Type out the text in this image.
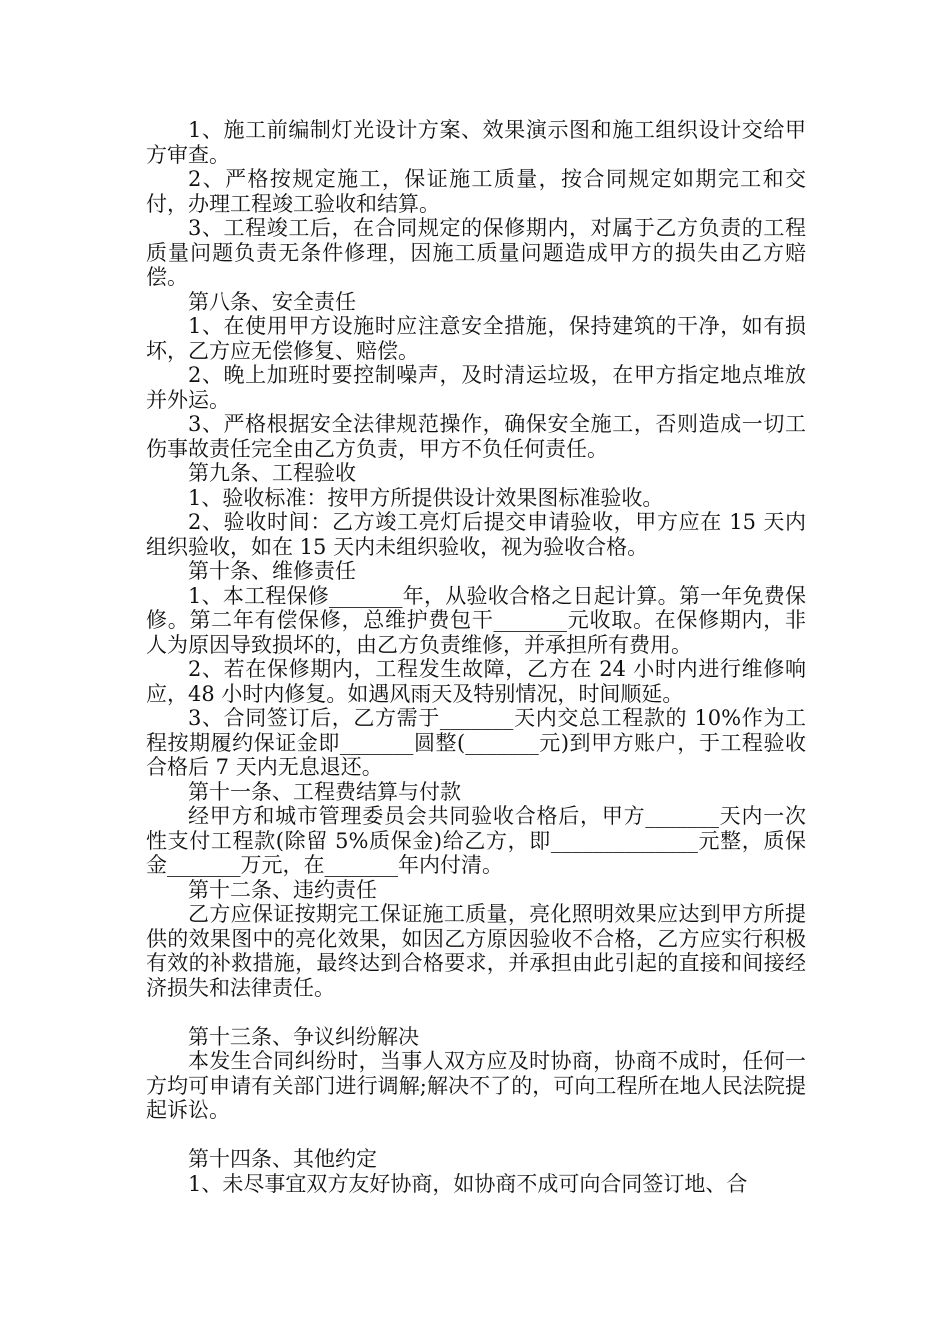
1、施工前编制灯光设计方案、效果演示图和施工组织设计交给甲方审查。

2、严格按规定施工，保证施工质量，按合同规定如期完工和交付，办理工程竣工验收和结算。

3、工程竣工后，在合同规定的保修期内，对属于乙方负责的工程质量问题负责无条件修理，因施工质量问题造成甲方的损失由乙方赔偿。

第八条、安全责任

1、在使用甲方设施时应注意安全措施，保持建筑的干净，如有损坏，乙方应无偿修复、赔偿。

2、晚上加班时要控制噪声，及时清运垃圾，在甲方指定地点堆放并外运。

3、严格根据安全法律规范操作，确保安全施工，否则造成一切工伤事故责任完全由乙方负责，甲方不负任何责任。

第九条、工程验收

1、验收标准：按甲方所提供设计效果图标准验收。

2、验收时间：乙方竣工亮灯后提交申请验收，甲方应在 15 天内组织验收，如在 15 天内未组织验收，视为验收合格。

第十条、维修责任

1、本工程保修_______年，从验收合格之日起计算。第一年免费保修。第二年有偿保修，总维护费包干_______元收取。在保修期内，非人为原因导致损坏的，由乙方负责维修，并承担所有费用。

2、若在保修期内，工程发生故障，乙方在 24 小时内进行维修响应，48 小时内修复。如遇风雨天及特别情况，时间顺延。

3、合同签订后，乙方需于_______天内交总工程款的 10%作为工程按期履约保证金即_______圆整(_______元)到甲方账户，于工程验收合格后 7 天内无息退还。

第十一条、工程费结算与付款

经甲方和城市管理委员会共同验收合格后，甲方_______天内一次性支付工程款(除留 5%质保金)给乙方，即______________元整，质保金_______万元，在_______年内付清。

第十二条、违约责任

乙方应保证按期完工保证施工质量，亮化照明效果应达到甲方所提供的效果图中的亮化效果，如因乙方原因验收不合格，乙方应实行积极有效的补救措施，最终达到合格要求，并承担由此引起的直接和间接经济损失和法律责任。

第十三条、争议纠纷解决

本发生合同纠纷时，当事人双方应及时协商，协商不成时，任何一方均可申请有关部门进行调解;解决不了的，可向工程所在地人民法院提起诉讼。

第十四条、其他约定

1、未尽事宜双方友好协商，如协商不成可向合同签订地、合
